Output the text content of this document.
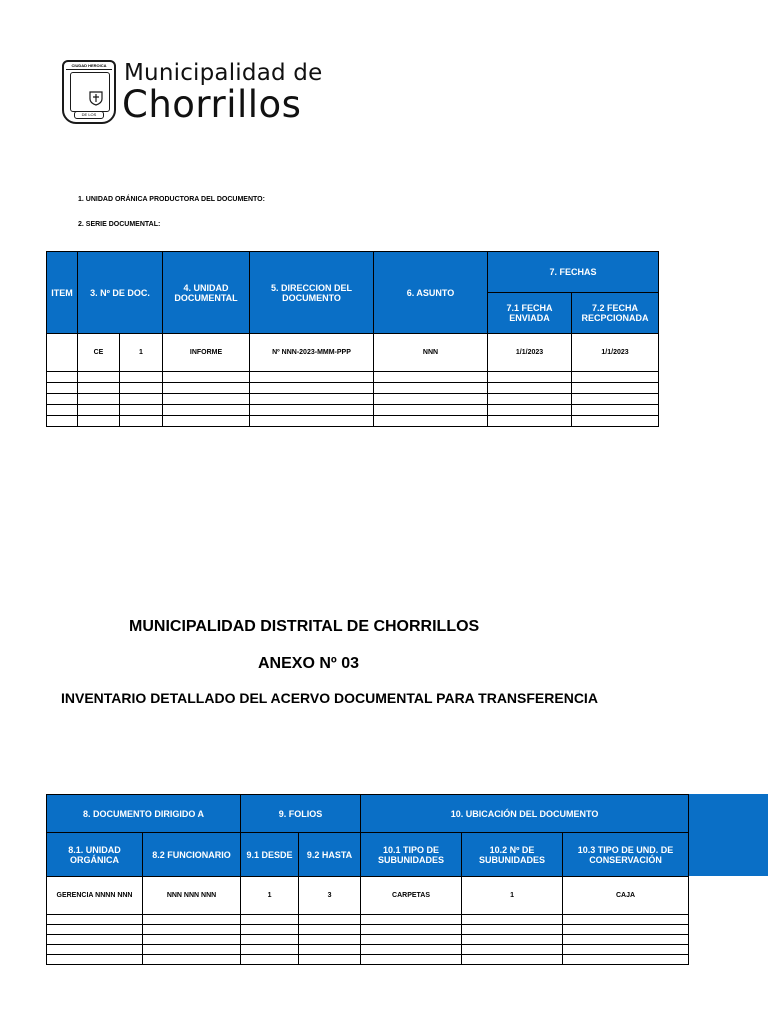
CIUDAD HEROICA
DE LOS
Municipalidad de
Chorrillos
1. UNIDAD ORÁNICA PRODUCTORA DEL DOCUMENTO:
2. SERIE DOCUMENTAL:
ITEM	3. Nº DE DOC.		4. UNIDAD DOCUMENTAL	5. DIRECCION DEL DOCUMENTO	6. ASUNTO	7. FECHAS	
						7.1 FECHA ENVIADA	7.2 FECHA RECPCIONADA
	CE	1	INFORME	Nº NNN-2023-MMM-PPP	NNN	1/1/2023	1/1/2023

MUNICIPALIDAD DISTRITAL DE CHORRILLOS
ANEXO Nº 03
INVENTARIO DETALLADO DEL ACERVO DOCUMENTAL PARA TRANSFERENCIA
8. DOCUMENTO DIRIGIDO A		9. FOLIOS		10. UBICACIÓN DEL DOCUMENTO		
8.1. UNIDAD ORGÁNICA	8.2 FUNCIONARIO	9.1 DESDE	9.2 HASTA	10.1 TIPO DE SUBUNIDADES	10.2 Nº DE SUBUNIDADES	10.3 TIPO DE UND. DE CONSERVACIÓN
GERENCIA NNNN NNN	NNN NNN NNN	1	3	CARPETAS	1	CAJA
